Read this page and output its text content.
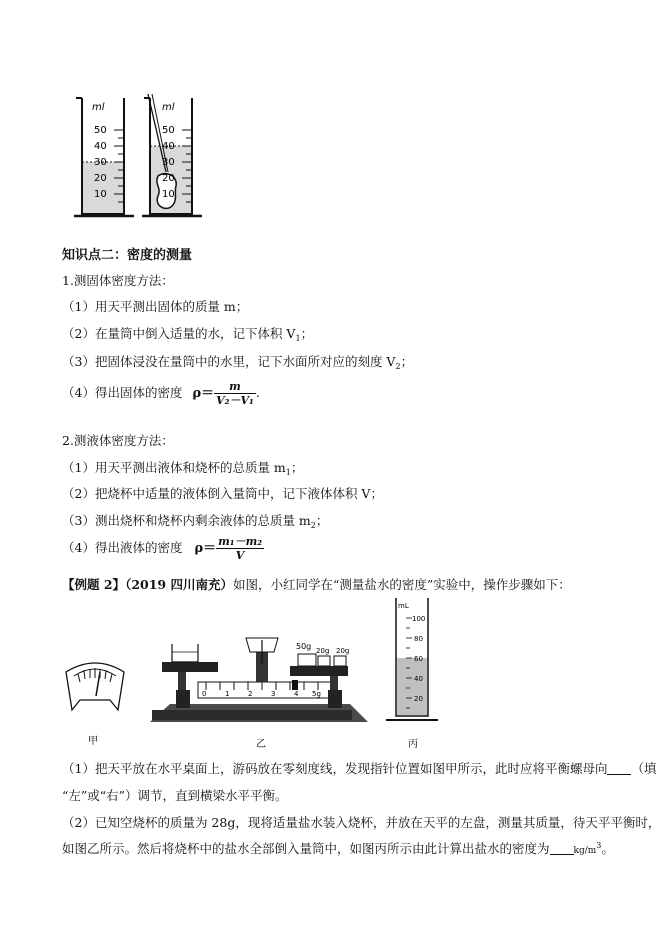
ml
50
40
30
20
10
ml
50
40
30
20
10
知识点二：密度的测量
1.测固体密度方法：
（1）用天平测出固体的质量 m；
（2）在量筒中倒入适量的水，记下体积 $V_1$；
（3）把固体浸没在量筒中的水里，记下水面所对应的刻度 $V_2$；
（4）得出固体的密度 $\rho= \frac{m}{\text{V₂－V₁}}$ .
2.测液体密度方法：
（1）用天平测出液体和烧杯的总质量 $m_1$；
（2）把烧杯中适量的液体倒入量筒中，记下液体体积 V；
（3）测出烧杯和烧杯内剩余液体的总质量 $m_2$；
（4）得出液体的密度 $\rho= \frac{\text{m₁－m₂}}{V}$
【例题 2】（2019 四川南充）如图，小红同学在“测量盐水的密度”实验中，操作步骤如下：
甲
0	1	2	3	4 5g
50g 20g 20g
乙
mL
100
80
60
40
20
丙
（1）把天平放在水平桌面上，游码放在零刻度线，发现指针位置如图甲所示，此时应将平衡螺母向 （填
“左”或“右”）调节，直到横梁水平平衡。
（2）已知空烧杯的质量为 28g，现将适量盐水装入烧杯，并放在天平的左盘，测量其质量，待天平平衡时，
如图乙所示。然后将烧杯中的盐水全部倒入量筒中，如图丙所示由此计算出盐水的密度为	$kg/m^3$。
